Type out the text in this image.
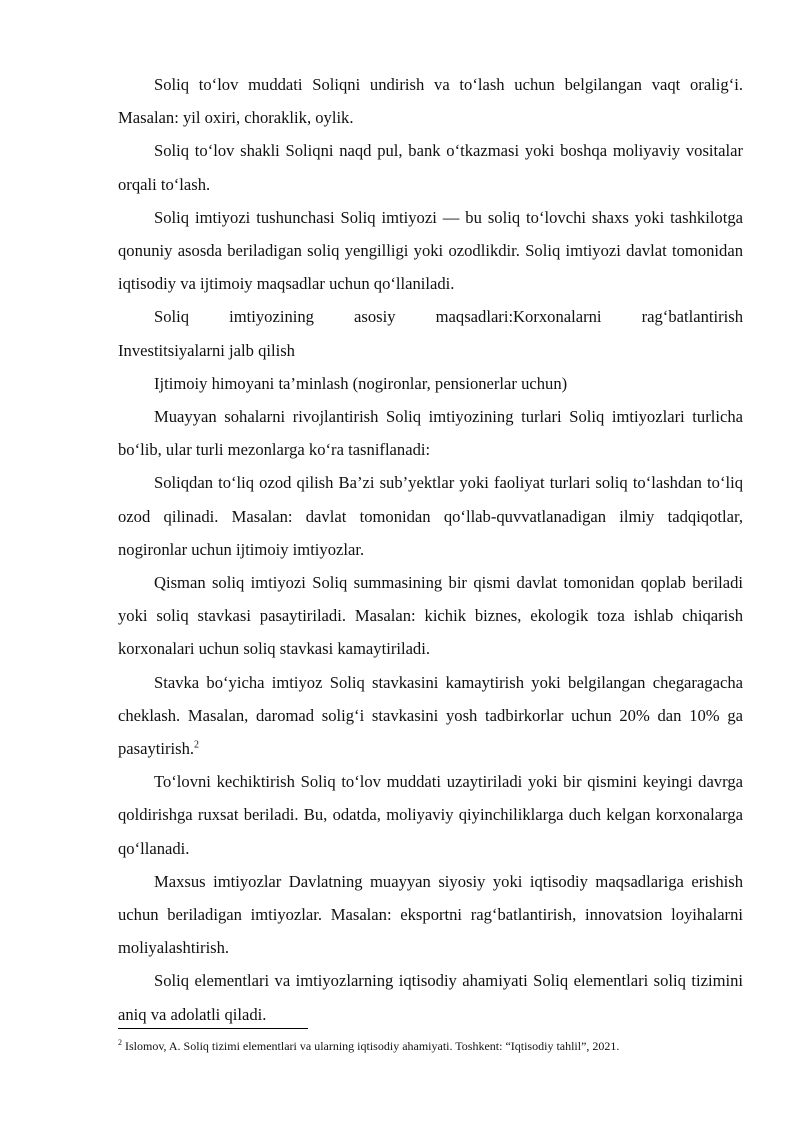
Soliq to‘lov muddati Soliqni undirish va to‘lash uchun belgilangan vaqt oralig‘i. Masalan: yil oxiri, choraklik, oylik.

Soliq to‘lov shakli Soliqni naqd pul, bank o‘tkazmasi yoki boshqa moliyaviy vositalar orqali to‘lash.

Soliq imtiyozi tushunchasi Soliq imtiyozi — bu soliq to‘lovchi shaxs yoki tashkilotga qonuniy asosda beriladigan soliq yengilligi yoki ozodlikdir. Soliq imtiyozi davlat tomonidan iqtisodiy va ijtimoiy maqsadlar uchun qo‘llaniladi.

Soliq imtiyozining asosiy maqsadlari:Korxonalarni rag‘batlantirish

Investitsiyalarni jalb qilish

Ijtimoiy himoyani ta’minlash (nogironlar, pensionerlar uchun)

Muayyan sohalarni rivojlantirish Soliq imtiyozining turlari Soliq imtiyozlari turlicha bo‘lib, ular turli mezonlarga ko‘ra tasniflanadi:

Soliqdan to‘liq ozod qilish Ba’zi sub’yektlar yoki faoliyat turlari soliq to‘lashdan to‘liq ozod qilinadi. Masalan: davlat tomonidan qo‘llab-quvvatlanadigan ilmiy tadqiqotlar, nogironlar uchun ijtimoiy imtiyozlar.

Qisman soliq imtiyozi Soliq summasining bir qismi davlat tomonidan qoplab beriladi yoki soliq stavkasi pasaytiriladi. Masalan: kichik biznes, ekologik toza ishlab chiqarish korxonalari uchun soliq stavkasi kamaytiriladi.

Stavka bo‘yicha imtiyoz Soliq stavkasini kamaytirish yoki belgilangan chegaragacha cheklash. Masalan, daromad solig‘i stavkasini yosh tadbirkorlar uchun 20% dan 10% ga pasaytirish.$^2$

To‘lovni kechiktirish Soliq to‘lov muddati uzaytiriladi yoki bir qismini keyingi davrga qoldirishga ruxsat beriladi. Bu, odatda, moliyaviy qiyinchiliklarga duch kelgan korxonalarga qo‘llanadi.

Maxsus imtiyozlar Davlatning muayyan siyosiy yoki iqtisodiy maqsadlariga erishish uchun beriladigan imtiyozlar. Masalan: eksportni rag‘batlantirish, innovatsion loyihalarni moliyalashtirish.

Soliq elementlari va imtiyozlarning iqtisodiy ahamiyati Soliq elementlari soliq tizimini aniq va adolatli qiladi.

$^2$ Islomov, A. Soliq tizimi elementlari va ularning iqtisodiy ahamiyati. Toshkent: “Iqtisodiy tahlil”, 2021.
